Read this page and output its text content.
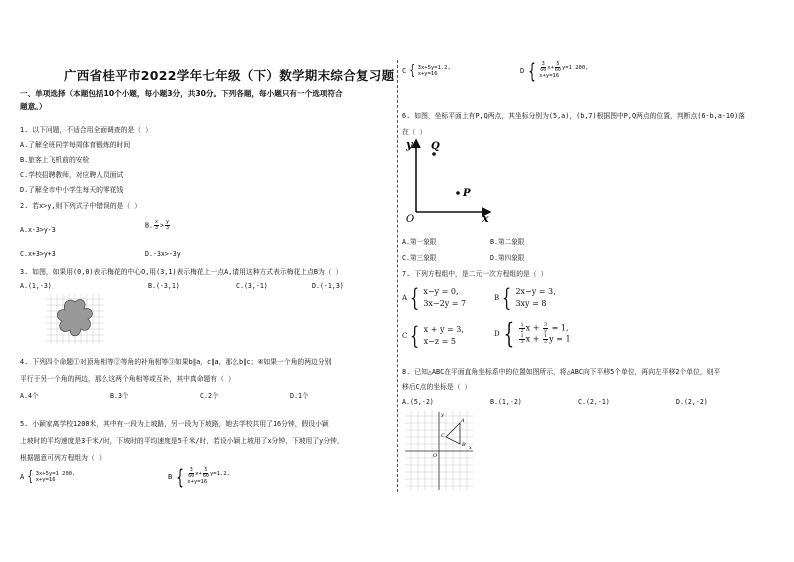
广西省桂平市2022学年七年级（下）数学期末综合复习题
一、单项选择（本题包括10个小题，每小题3分，共30分。下列各题，每小题只有一个选项符合
题意。）
1. 以下问题，不适合用全面调查的是（ ）
A.了解全班同学每周体育锻炼的时间
B.旅客上飞机前的安检
C.学校招聘教师，对应聘人员面试
D.了解全市中小学生每天的零花钱
2. 若x>y,则下列式子中错误的是（ ）
A.x-3>y-3
B. $\frac{x}{3} > \frac{y}{3}$
C.x+3>y+3	D.-3x>-3y
3. 如图，如果用(0,0)表示梅花的中心O,用(3,1)表示梅花上一点A,请用这种方式表示梅花上点B为（ ）
A.(1,-3)	B.(-3,1)	C.(3,-1)	D.(-1,3)
4. 下列四个命题①对顶角相等②等角的补角相等③如果b∥a，c∥a，那么b∥c；④如果一个角的两边分别
平行于另一个角的两边，那么这两个角相等或互补，其中真命题有（ ）
A.4个	B.3个	C.2个	D.1个
5. 小颖家离学校1200米，其中有一段为上坡路，另一段为下坡路，她去学校共用了16分钟，假设小颖
上坡时的平均速度是3千米/时，下坡时的平均速度是5千米/时，若设小颖上坡用了x分钟，下坡用了y分钟，
根据题意可列方程组为（ ）
A { 3x+5y=1 200,
x+y=16	B { $\frac{3}{60} x+ \frac{5}{60} y=1.2$,
x+y=16
C { 3x+5y=1.2,
x+y=16	D { $\frac{3}{60} x+ \frac{5}{60} y=1$ 200,
x+y=16
6. 如图，坐标平面上有P,Q两点，其坐标分别为(5,a)，(b,7)根据图中P,Q两点的位置，判断点(6-b,a-10)落
在（ ）
y
x
O
Q
P
A.第一象限	B.第二象限
C.第三象限	D.第四象限
7. 下列方程组中，是二元一次方程组的是（ ）
A { x−y = 0,
3x−2y = 7
B { 2x−y = 3,
3xy = 8
C { x + y = 3,
x−z = 5
D { $\frac{1}{2}$ $x + \frac{3}{y} = 1$,
$\frac{1}{3}$ $x + \frac{1}{2}$ y = 1
8. 已知△ABC在平面直角坐标系中的位置如图所示，将△ABC向下平移5个单位，再向左平移2个单位，则平
移后C点的坐标是（ ）
A.(5,-2)	B.(1,-2)	C.(2,-1)	D.(2,-2)
y
x
O
A
B
C
